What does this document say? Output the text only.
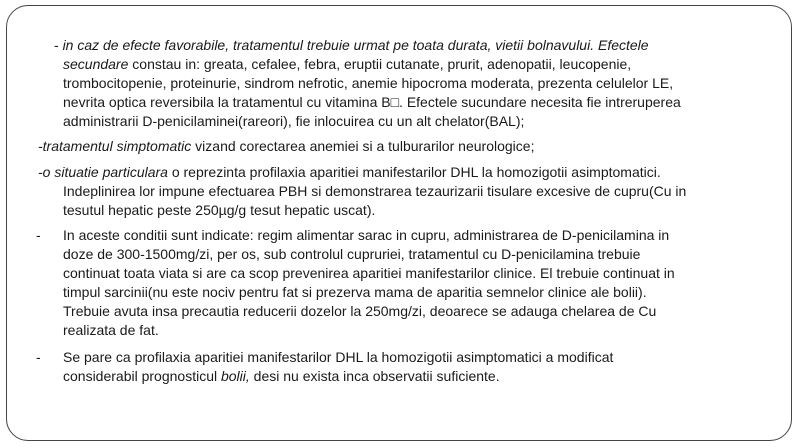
- in caz de efecte favorabile, tratamentul trebuie urmat pe toata durata, vietii bolnavului. Efectele
secundare constau in: greata, cefalee, febra, eruptii cutanate, prurit, adenopatii, leucopenie,
trombocitopenie, proteinurie, sindrom nefrotic, anemie hipocroma moderata, prezenta celulelor LE,
nevrita optica reversibila la tratamentul cu vitamina B□. Efectele sucundare necesita fie intreruperea
administrarii D-penicilaminei(rareori), fie inlocuirea cu un alt chelator(BAL);
-tratamentul simptomatic vizand corectarea anemiei si a tulburarilor neurologice;
-o situatie particulara o reprezinta profilaxia aparitiei manifestarilor DHL la homozigotii asimptomatici.
Indeplinirea lor impune efectuarea PBH si demonstrarea tezaurizarii tisulare excesive de cupru(Cu in
tesutul hepatic peste 250µg/g tesut hepatic uscat).
- In aceste conditii sunt indicate: regim alimentar sarac in cupru, administrarea de D-penicilamina in
doze de 300-1500mg/zi, per os, sub controlul cupruriei, tratamentul cu D-penicilamina trebuie
continuat toata viata si are ca scop prevenirea aparitiei manifestarilor clinice. El trebuie continuat in
timpul sarcinii(nu este nociv pentru fat si prezerva mama de aparitia semnelor clinice ale bolii).
Trebuie avuta insa precautia reducerii dozelor la 250mg/zi, deoarece se adauga chelarea de Cu
realizata de fat.
- Se pare ca profilaxia aparitiei manifestarilor DHL la homozigotii asimptomatici a modificat
considerabil prognosticul bolii, desi nu exista inca observatii suficiente.
